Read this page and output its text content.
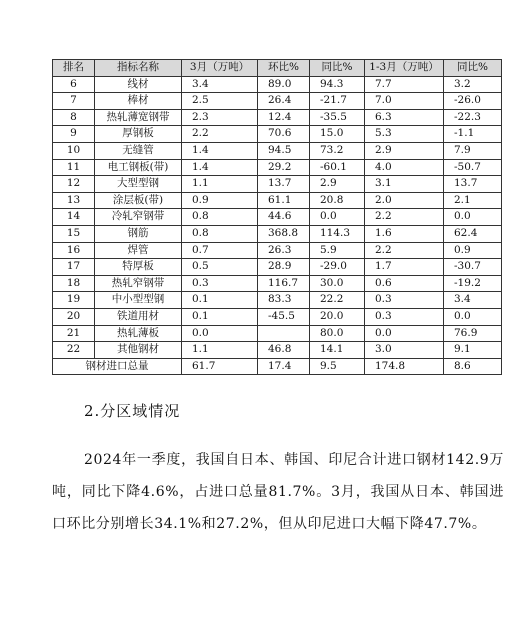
排名	指标名称	3月（万吨）	环比%	同比%	1-3月（万吨）	同比%
6	线材	3.4	89.0	94.3	7.7	3.2
7	棒材	2.5	26.4	-21.7	7.0	-26.0
8	热轧薄宽钢带	2.3	12.4	-35.5	6.3	-22.3
9	厚钢板	2.2	70.6	15.0	5.3	-1.1
10	无缝管	1.4	94.5	73.2	2.9	7.9
11	电工钢板(带)	1.4	29.2	-60.1	4.0	-50.7
12	大型型钢	1.1	13.7	2.9	3.1	13.7
13	涂层板(带)	0.9	61.1	20.8	2.0	2.1
14	冷轧窄钢带	0.8	44.6	0.0	2.2	0.0
15	钢筋	0.8	368.8	114.3	1.6	62.4
16	焊管	0.7	26.3	5.9	2.2	0.9
17	特厚板	0.5	28.9	-29.0	1.7	-30.7
18	热轧窄钢带	0.3	116.7	30.0	0.6	-19.2
19	中小型型钢	0.1	83.3	22.2	0.3	3.4
20	铁道用材	0.1	-45.5	20.0	0.3	0.0
21	热轧薄板	0.0		80.0	0.0	76.9
22	其他钢材	1.1	46.8	14.1	3.0	9.1
钢材进口总量		61.7	17.4	9.5	174.8	8.6
2.分区域情况

2024年一季度，我国自日本、韩国、印尼合计进口钢材142.9万吨，同比下降4.6%，占进口总量81.7%。3月，我国从日本、韩国进口环比分别增长34.1%和27.2%，但从印尼进口大幅下降47.7%。
